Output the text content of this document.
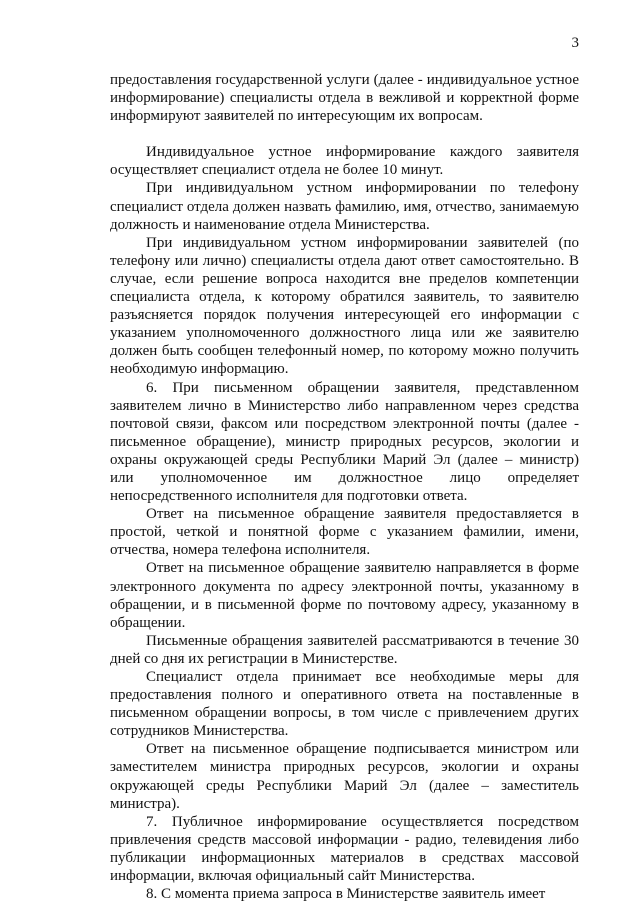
3

предоставления государственной услуги (далее - индивидуальное устное информирование) специалисты отдела в вежливой и корректной форме информируют заявителей по интересующим их вопросам.

Индивидуальное устное информирование каждого заявителя осуществляет специалист отдела не более 10 минут.

При индивидуальном устном информировании по телефону специалист отдела должен назвать фамилию, имя, отчество, занимаемую должность и наименование отдела Министерства.

При индивидуальном устном информировании заявителей (по телефону или лично) специалисты отдела дают ответ самостоятельно. В случае, если решение вопроса находится вне пределов компетенции специалиста отдела, к которому обратился заявитель, то заявителю разъясняется порядок получения интересующей его информации с указанием уполномоченного должностного лица или же заявителю должен быть сообщен телефонный номер, по которому можно получить необходимую информацию.

6. При письменном обращении заявителя, представленном заявителем лично в Министерство либо направленном через средства почтовой связи, факсом или посредством электронной почты (далее - письменное обращение), министр природных ресурсов, экологии и охраны окружающей среды Республики Марий Эл (далее – министр) или уполномоченное им должностное лицо определяет непосредственного исполнителя для подготовки ответа.

Ответ на письменное обращение заявителя предоставляется в простой, четкой и понятной форме с указанием фамилии, имени, отчества, номера телефона исполнителя.

Ответ на письменное обращение заявителю направляется в форме электронного документа по адресу электронной почты, указанному в обращении, и в письменной форме по почтовому адресу, указанному в обращении.

Письменные обращения заявителей рассматриваются в течение 30 дней со дня их регистрации в Министерстве.

Специалист отдела принимает все необходимые меры для предоставления полного и оперативного ответа на поставленные в письменном обращении вопросы, в том числе с привлечением других сотрудников Министерства.

Ответ на письменное обращение подписывается министром или заместителем министра природных ресурсов, экологии и охраны окружающей среды Республики Марий Эл (далее – заместитель министра).

7. Публичное информирование осуществляется посредством привлечения средств массовой информации - радио, телевидения либо публикации информационных материалов в средствах массовой информации, включая официальный сайт Министерства.

8. С момента приема запроса в Министерстве заявитель имеет
